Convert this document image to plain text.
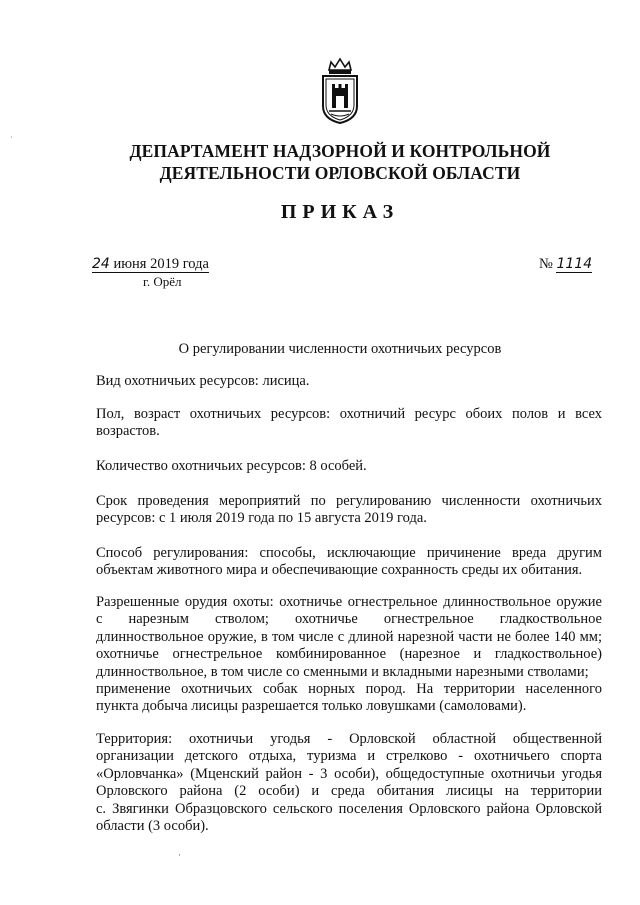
·
ДЕПАРТАМЕНТ НАДЗОРНОЙ И КОНТРОЛЬНОЙ
ДЕЯТЕЛЬНОСТИ ОРЛОВСКОЙ ОБЛАСТИ
ПРИКАЗ
24 июня 2019 года
г. Орёл
№ 1114
О регулировании численности охотничьих ресурсов
Вид охотничьих ресурсов: лисица.
Пол, возраст охотничьих ресурсов: охотничий ресурс обоих полов и всех
возрастов.
Количество охотничьих ресурсов: 8 особей.
Срок проведения мероприятий по регулированию численности охотничьих
ресурсов: с 1 июля 2019 года по 15 августа 2019 года.
Способ регулирования: способы, исключающие причинение вреда другим
объектам животного мира и обеспечивающие сохранность среды их обитания.
Разрешенные орудия охоты: охотничье огнестрельное длинноствольное оружие
с нарезным стволом; охотничье огнестрельное гладкоствольное
длинноствольное оружие, в том числе с длиной нарезной части не более 140 мм;
охотничье огнестрельное комбинированное (нарезное и гладкоствольное)
длинноствольное, в том числе со сменными и вкладными нарезными стволами;
применение охотничьих собак норных пород. На территории населенного
пункта добыча лисицы разрешается только ловушками (самоловами).
Территория: охотничьи угодья - Орловской областной общественной
организации детского отдыха, туризма и стрелково - охотничьего спорта
«Орловчанка» (Мценский район - 3 особи), общедоступные охотничьи угодья
Орловского района (2 особи) и среда обитания лисицы на территории
с. Звягинки Образцовского сельского поселения Орловского района Орловской
области (3 особи).
·
